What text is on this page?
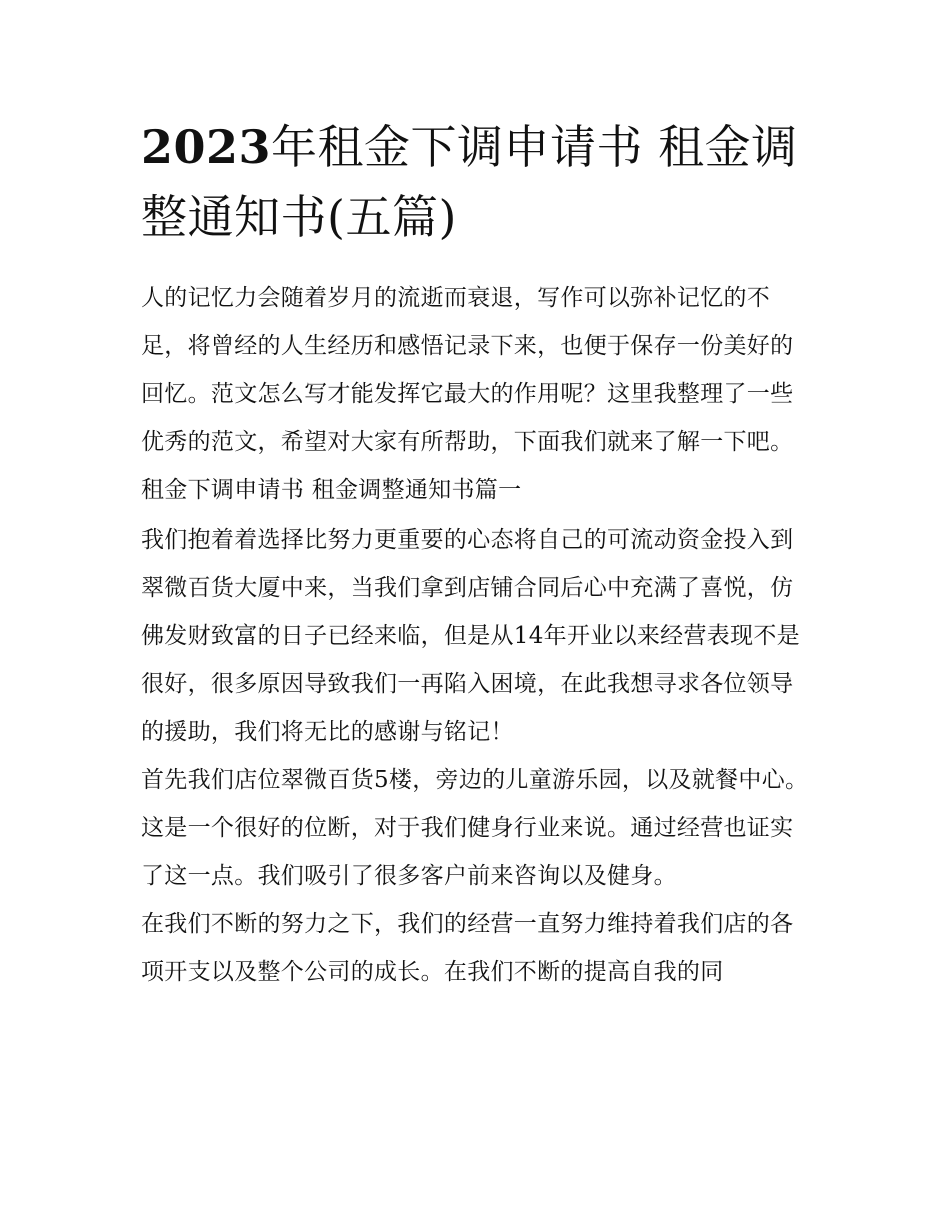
2023年租金下调申请书 租金调整通知书(五篇)

人的记忆力会随着岁月的流逝而衰退，写作可以弥补记忆的不足，将曾经的人生经历和感悟记录下来，也便于保存一份美好的回忆。范文怎么写才能发挥它最大的作用呢？这里我整理了一些优秀的范文，希望对大家有所帮助，下面我们就来了解一下吧。

租金下调申请书 租金调整通知书篇一

我们抱着着选择比努力更重要的心态将自己的可流动资金投入到翠微百货大厦中来，当我们拿到店铺合同后心中充满了喜悦，仿佛发财致富的日子已经来临，但是从14年开业以来经营表现不是很好，很多原因导致我们一再陷入困境，在此我想寻求各位领导的援助，我们将无比的感谢与铭记！

首先我们店位翠微百货5楼，旁边的儿童游乐园，以及就餐中心。这是一个很好的位断，对于我们健身行业来说。通过经营也证实了这一点。我们吸引了很多客户前来咨询以及健身。

在我们不断的努力之下，我们的经营一直努力维持着我们店的各项开支以及整个公司的成长。在我们不断的提高自我的同
